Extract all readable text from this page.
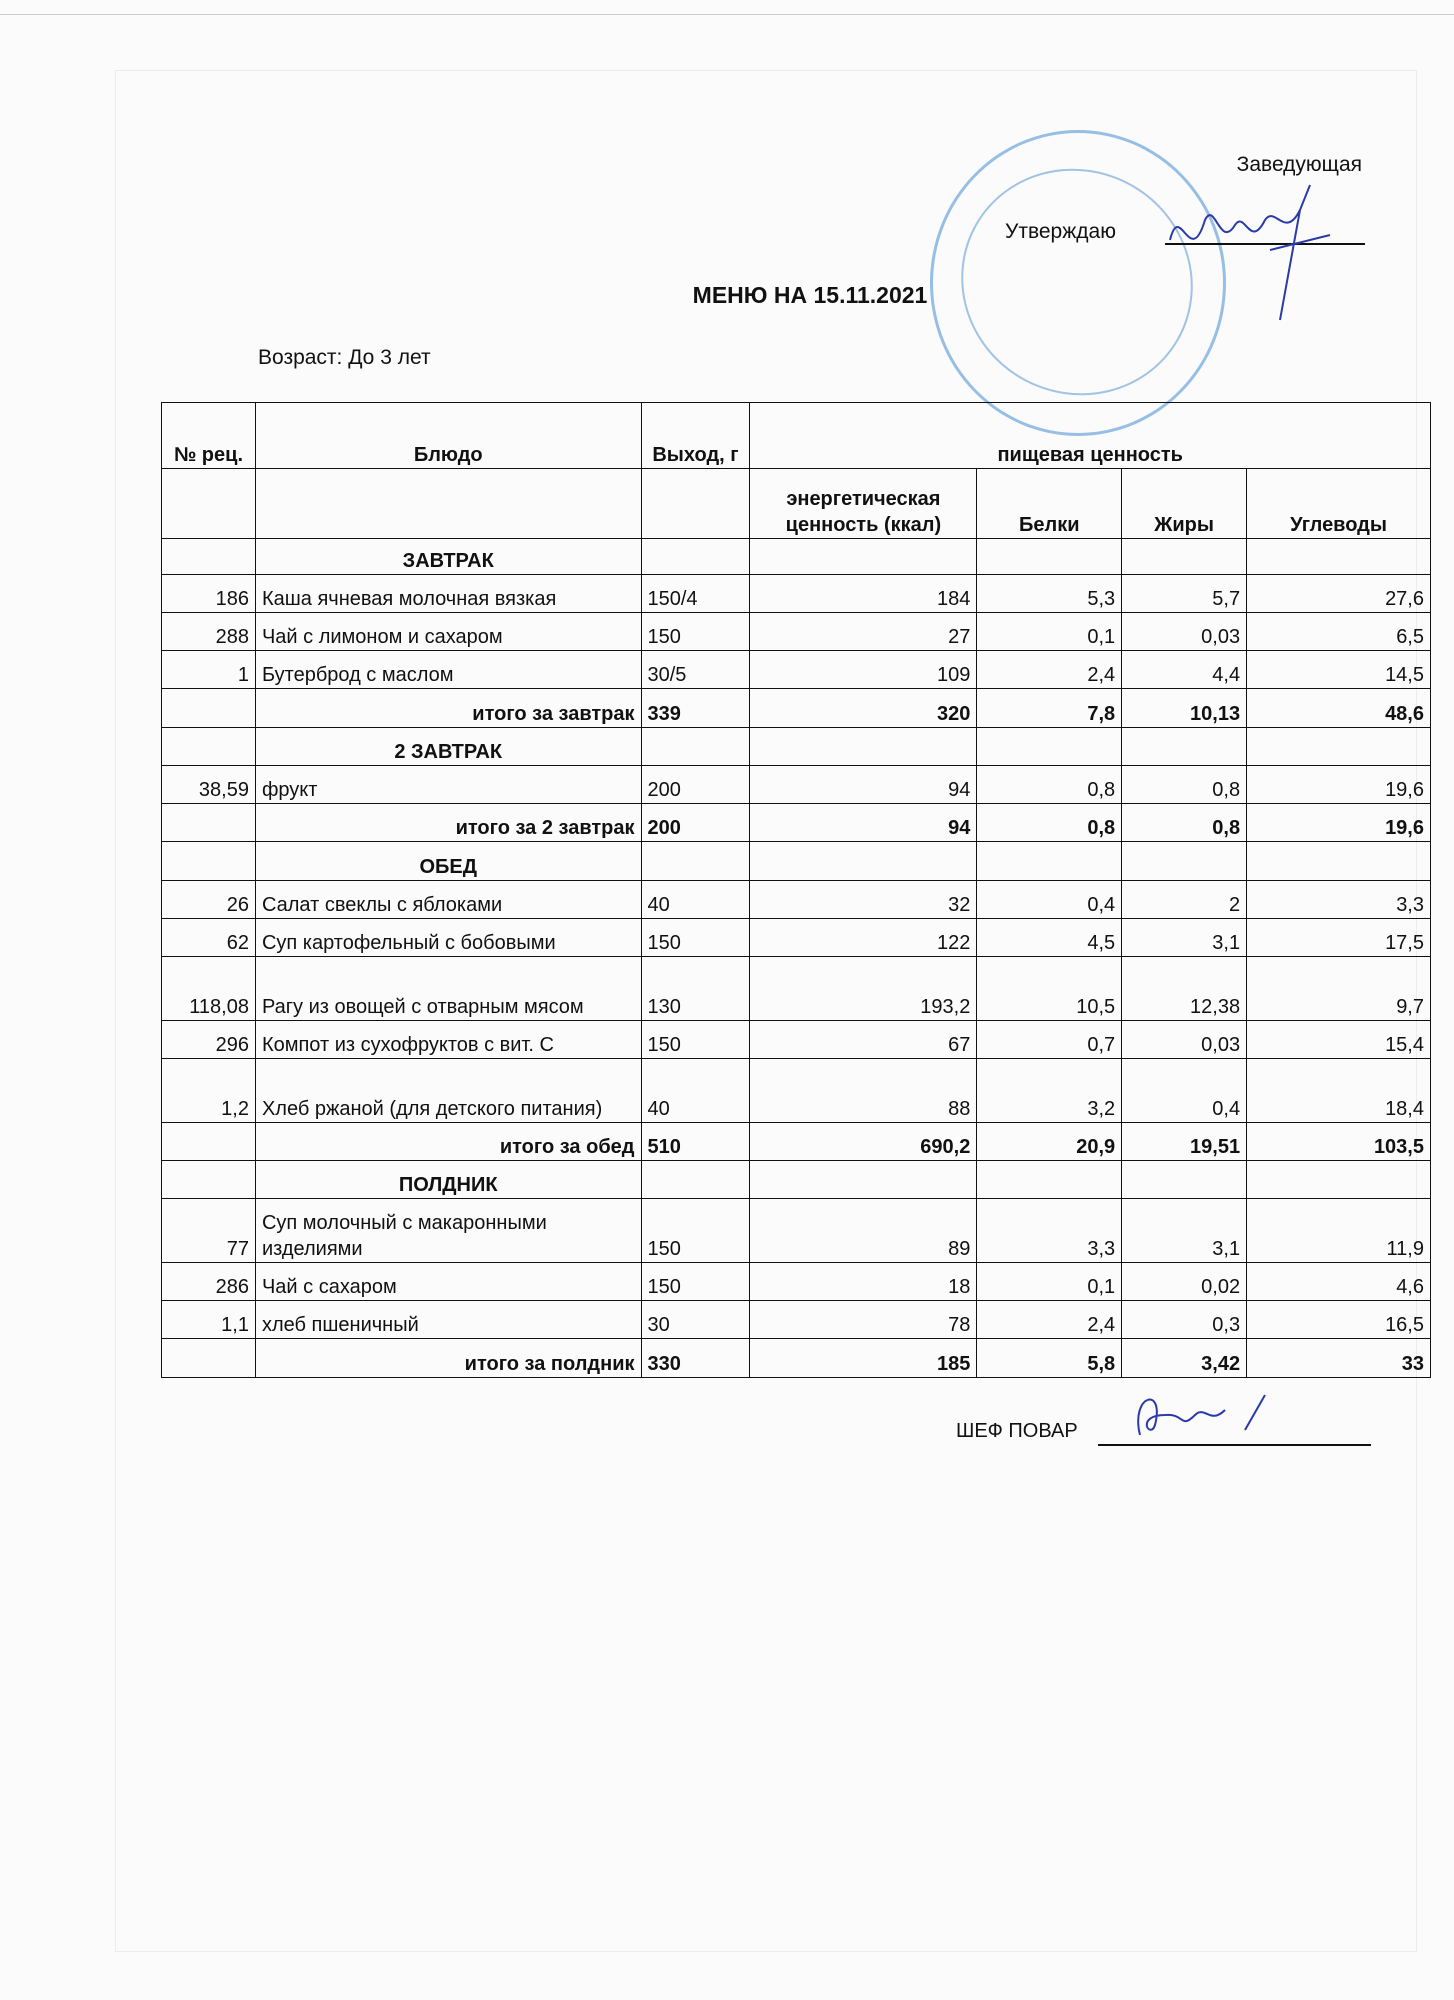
Заведующая
Утверждаю
МЕНЮ НА 15.11.2021
Возраст: До 3 лет
№ рец.	Блюдо	Выход, г	пищевая ценность			
			энергетическая ценность (ккал)	Белки	Жиры	Углеводы
	ЗАВТРАК					
186	Каша ячневая молочная вязкая	150/4	184	5,3	5,7	27,6
288	Чай с лимоном и сахаром	150	27	0,1	0,03	6,5
1	Бутерброд с маслом	30/5	109	2,4	4,4	14,5
	итого за завтрак	339	320	7,8	10,13	48,6
	2 ЗАВТРАК					
38,59	фрукт	200	94	0,8	0,8	19,6
	итого за 2 завтрак	200	94	0,8	0,8	19,6
	ОБЕД					
26	Салат свеклы с яблоками	40	32	0,4	2	3,3
62	Суп картофельный с бобовыми	150	122	4,5	3,1	17,5
118,08	Рагу из овощей с отварным мясом	130	193,2	10,5	12,38	9,7
296	Компот из сухофруктов с вит. С	150	67	0,7	0,03	15,4
1,2	Хлеб ржаной (для детского питания)	40	88	3,2	0,4	18,4
	итого за обед	510	690,2	20,9	19,51	103,5
	ПОЛДНИК					
77	Суп молочный с макаронными изделиями	150	89	3,3	3,1	11,9
286	Чай с сахаром	150	18	0,1	0,02	4,6
1,1	хлеб пшеничный	30	78	2,4	0,3	16,5
	итого за полдник	330	185	5,8	3,42	33
ШЕФ ПОВАР
